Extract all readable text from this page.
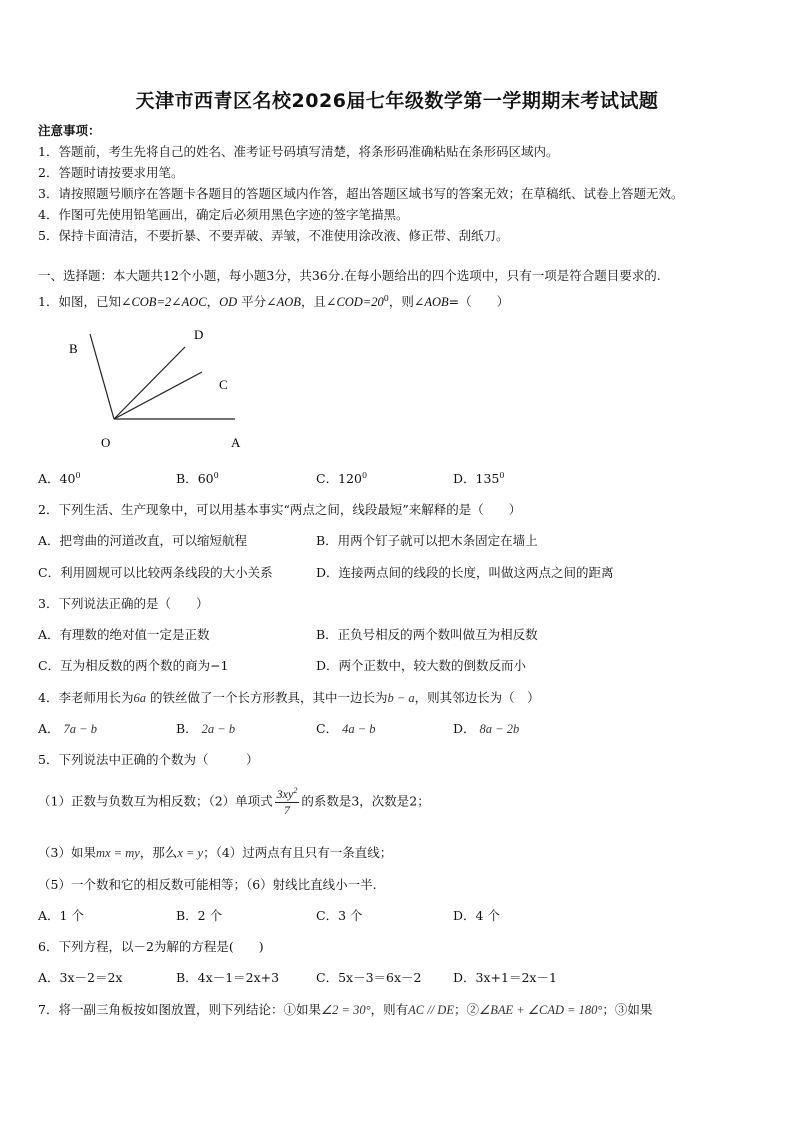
天津市西青区名校2026届七年级数学第一学期期末考试试题
注意事项：
1．答题前，考生先将自己的姓名、准考证号码填写清楚，将条形码准确粘贴在条形码区域内。
2．答题时请按要求用笔。
3．请按照题号顺序在答题卡各题目的答题区域内作答，超出答题区域书写的答案无效；在草稿纸、试卷上答题无效。
4．作图可先使用铅笔画出，确定后必须用黑色字迹的签字笔描黑。
5．保持卡面清洁，不要折暴、不要弄破、弄皱，不准使用涂改液、修正带、刮纸刀。
一、选择题：本大题共12个小题，每小题3分，共36分.在每小题给出的四个选项中，只有一项是符合题目要求的.
1．如图，已知∠COB=2∠AOC，OD 平分∠AOB，且$\angle COD=20^0$，则∠AOB=（　　）
B
D
C
O	A
A．$40^0$	B．$60^0$	C．$120^0$	D．$135^0$
2．下列生活、生产现象中，可以用基本事实“两点之间，线段最短”来解释的是（　　）
A．把弯曲的河道改直，可以缩短航程	B．用两个钉子就可以把木条固定在墙上
C．利用圆规可以比较两条线段的大小关系	D．连接两点间的线段的长度，叫做这两点之间的距离
3．下列说法正确的是（　　）
A．有理数的绝对值一定是正数	B．正负号相反的两个数叫做互为相反数
C．互为相反数的两个数的商为−1	D．两个正数中，较大数的倒数反而小
4．李老师用长为6a 的铁丝做了一个长方形教具，其中一边长为b − a，则其邻边长为（　）
A． 7a − b	B． 2a − b	C． 4a − b	D． 8a − 2b
5．下列说法中正确的个数为（　　　）
（1）正数与负数互为相反数；（2）单项式 $\frac{3xy^2}{7}$ 的系数是3，次数是2；
（3）如果mx = my，那么x = y；（4）过两点有且只有一条直线；
（5）一个数和它的相反数可能相等；（6）射线比直线小一半.
A．1 个	B．2 个	C．3 个	D．4 个
6．下列方程，以－2为解的方程是(　　)
A．3x－2＝2x	B．4x－1＝2x+3	C．5x－3＝6x－2	D．3x+1＝2x－1
7．将一副三角板按如图放置，则下列结论：①如果∠2 = 30°，则有AC // DE；②∠BAE + ∠CAD = 180°；③如果
